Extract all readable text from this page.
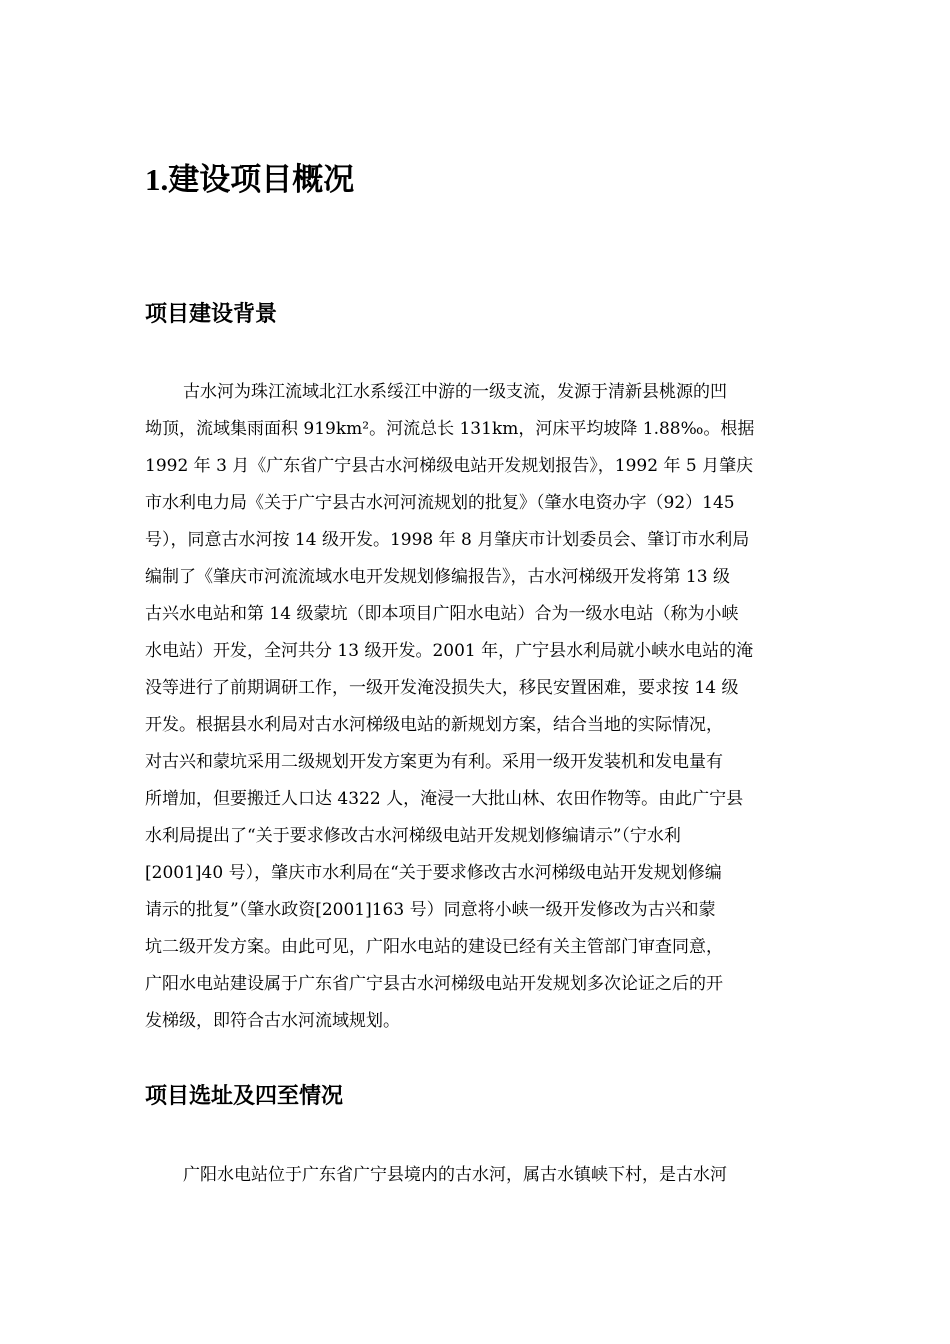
1.建设项目概况
项目建设背景
古水河为珠江流域北江水系绥江中游的一级支流，发源于清新县桃源的凹
坳顶，流域集雨面积 919km²。河流总长 131km，河床平均坡降 1.88‰。根据
1992 年 3 月《广东省广宁县古水河梯级电站开发规划报告》，1992 年 5 月肇庆
市水利电力局《关于广宁县古水河河流规划的批复》（肇水电资办字（92）145
号），同意古水河按 14 级开发。1998 年 8 月肇庆市计划委员会、肇订市水利局
编制了《肇庆市河流流域水电开发规划修编报告》，古水河梯级开发将第 13 级
古兴水电站和第 14 级蒙坑（即本项目广阳水电站）合为一级水电站（称为小峡
水电站）开发，全河共分 13 级开发。2001 年，广宁县水利局就小峡水电站的淹
没等进行了前期调研工作，一级开发淹没损失大，移民安置困难，要求按 14 级
开发。根据县水利局对古水河梯级电站的新规划方案，结合当地的实际情况，
对古兴和蒙坑采用二级规划开发方案更为有利。采用一级开发装机和发电量有
所增加，但要搬迁人口达 4322 人，淹浸一大批山林、农田作物等。由此广宁县
水利局提出了“关于要求修改古水河梯级电站开发规划修编请示”（宁水利
[2001]40 号），肇庆市水利局在“关于要求修改古水河梯级电站开发规划修编
请示的批复”（肇水政资[2001]163 号）同意将小峡一级开发修改为古兴和蒙
坑二级开发方案。由此可见，广阳水电站的建设已经有关主管部门审查同意，
广阳水电站建设属于广东省广宁县古水河梯级电站开发规划多次论证之后的开
发梯级，即符合古水河流域规划。
项目选址及四至情况
广阳水电站位于广东省广宁县境内的古水河，属古水镇峡下村，是古水河
